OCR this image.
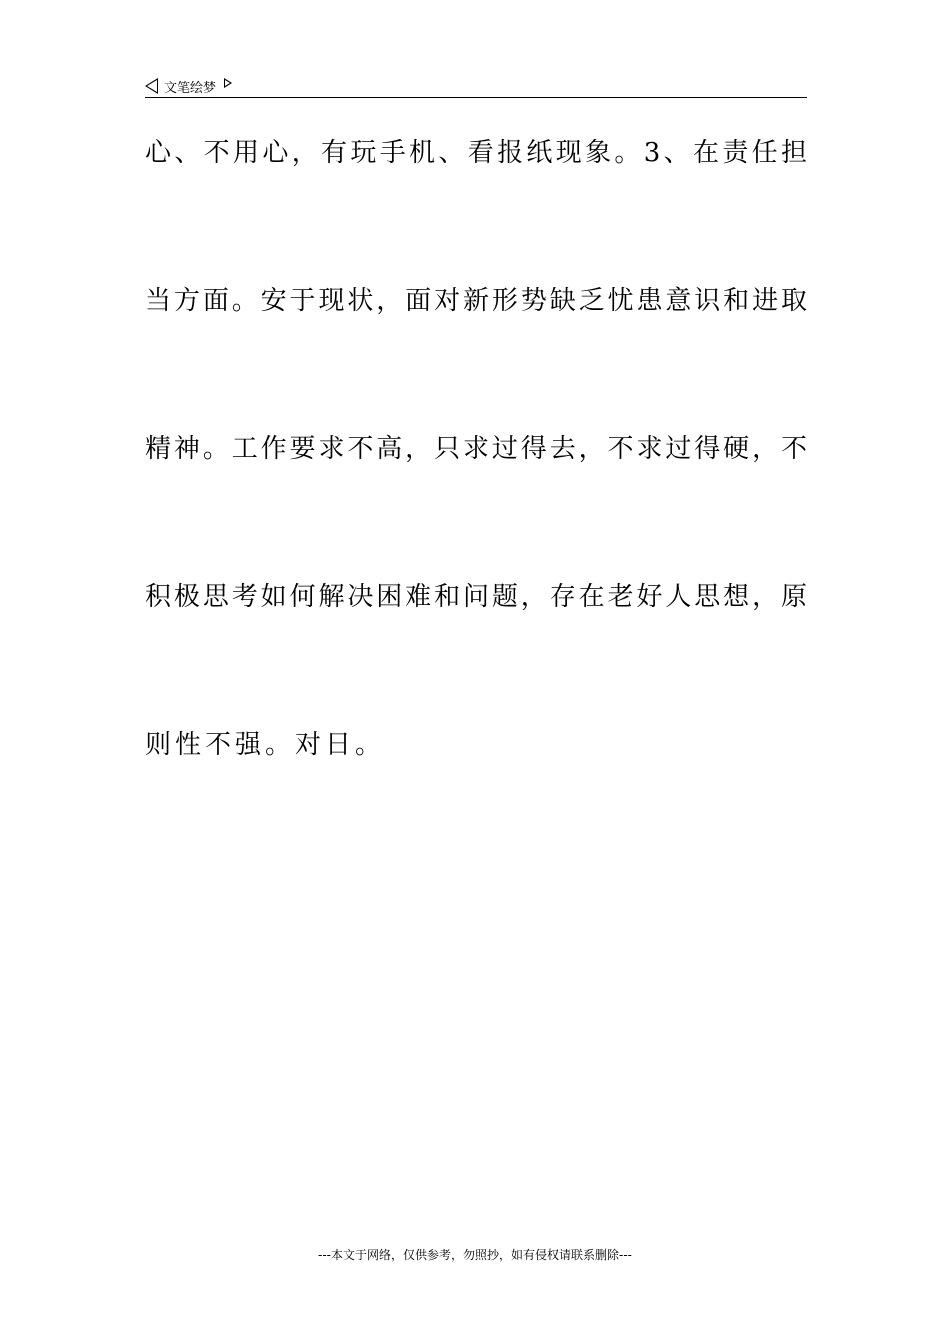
文笔绘梦
心、不用心，有玩手机、看报纸现象。3、在责任担
当方面。安于现状，面对新形势缺乏忧患意识和进取
精神。工作要求不高，只求过得去，不求过得硬，不
积极思考如何解决困难和问题，存在老好人思想，原
则性不强。对日。
---本文于网络，仅供参考，勿照抄，如有侵权请联系删除---
